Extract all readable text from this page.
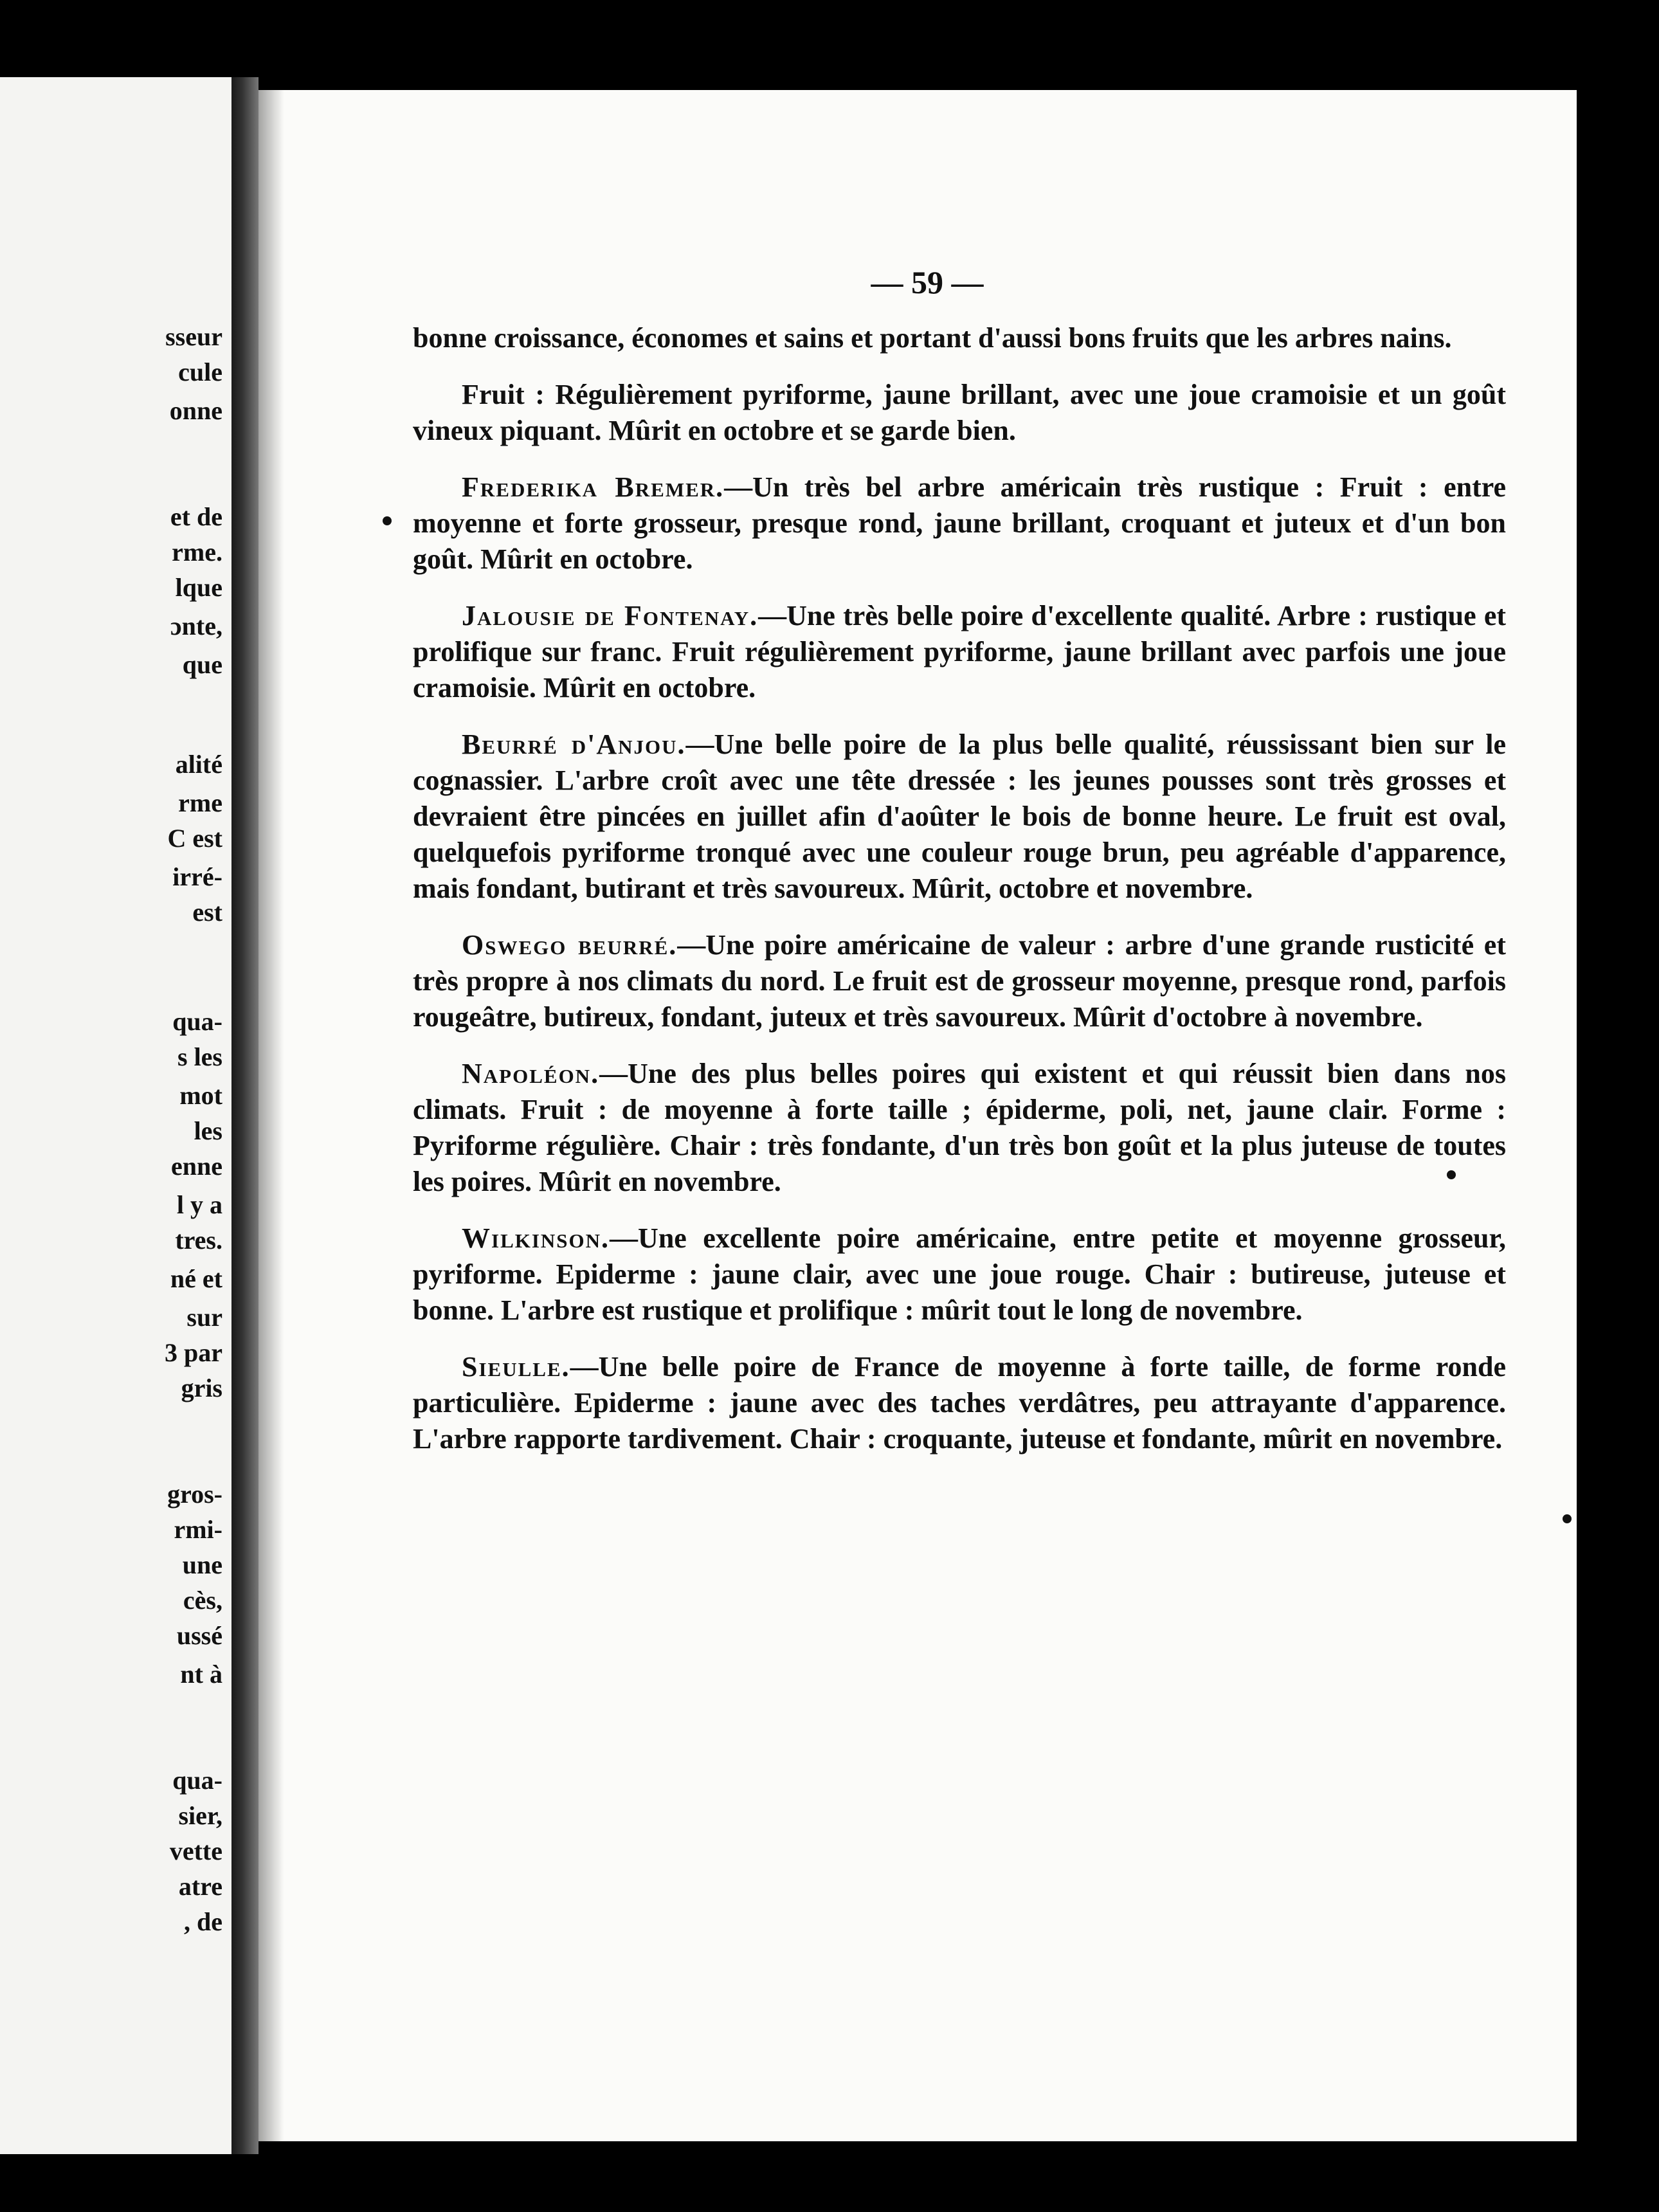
sseur
cule
onne
et de
rme.
lque
ɔnte,
que
alité
rme
C est
irré-
est
qua-
s les
mot
les
enne
l y a
tres.
né et
sur
3 par
gris
gros-
rmi-
une
cès,
ussé
nt à
qua-
sier,
vette
atre
, de
— 59 —

bonne croissance, économes et sains et portant d'aussi bons fruits que les arbres nains.

Fruit : Régulièrement pyriforme, jaune brillant, avec une joue cramoisie et un goût vineux piquant. Mûrit en octobre et se garde bien.

Frederika Bremer.—Un très bel arbre américain très rustique : Fruit : entre moyenne et forte grosseur, presque rond, jaune brillant, croquant et juteux et d'un bon goût. Mûrit en octobre.

Jalousie de Fontenay.—Une très belle poire d'excellente qualité. Arbre : rustique et prolifique sur franc. Fruit régulièrement pyriforme, jaune brillant avec parfois une joue cramoisie. Mûrit en octobre.

Beurré d'Anjou.—Une belle poire de la plus belle qualité, réussissant bien sur le cognassier. L'arbre croît avec une tête dressée : les jeunes pousses sont très grosses et devraient être pincées en juillet afin d'aoûter le bois de bonne heure. Le fruit est oval, quelquefois pyriforme tronqué avec une couleur rouge brun, peu agréable d'apparence, mais fondant, butirant et très savoureux. Mûrit, octobre et novembre.

Oswego beurré.—Une poire américaine de valeur : arbre d'une grande rusticité et très propre à nos climats du nord. Le fruit est de grosseur moyenne, presque rond, parfois rougeâtre, butireux, fondant, juteux et très savoureux. Mûrit d'octobre à novembre.

Napoléon.—Une des plus belles poires qui existent et qui réussit bien dans nos climats. Fruit : de moyenne à forte taille ; épiderme, poli, net, jaune clair. Forme : Pyriforme régulière. Chair : très fondante, d'un très bon goût et la plus juteuse de toutes les poires. Mûrit en novembre.

Wilkinson.—Une excellente poire américaine, entre petite et moyenne grosseur, pyriforme. Epiderme : jaune clair, avec une joue rouge. Chair : butireuse, juteuse et bonne. L'arbre est rustique et prolifique : mûrit tout le long de novembre.

Sieulle.—Une belle poire de France de moyenne à forte taille, de forme ronde particulière. Epiderme : jaune avec des taches verdâtres, peu attrayante d'apparence. L'arbre rapporte tardivement. Chair : croquante, juteuse et fondante, mûrit en novembre.
